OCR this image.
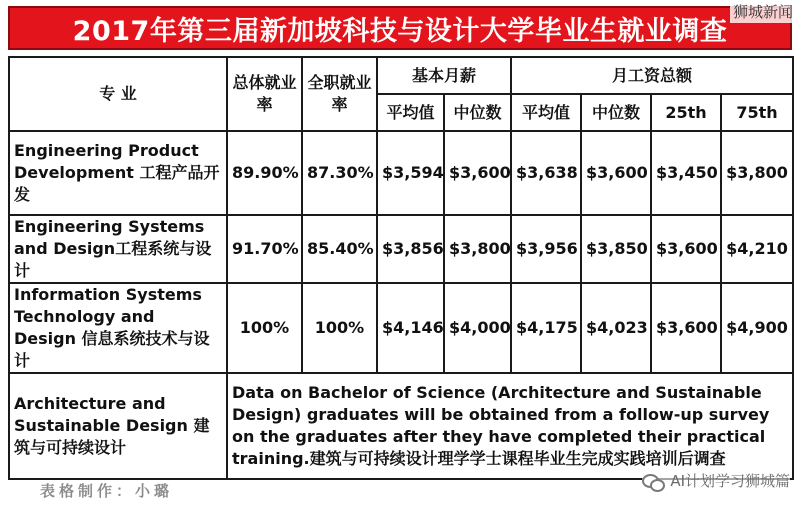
2017年第三届新加坡科技与设计大学毕业生就业调查
狮城新闻
专 业	总体就业率	全职就业率	基本月薪		月工资总额			
			平均值	中位数	平均值	中位数	25th	75th
Engineering Product Development 工程产品开发	89.90%	87.30%	$3,594	$3,600	$3,638	$3,600	$3,450	$3,800
Engineering Systems and Design工程系统与设计	91.70%	85.40%	$3,856	$3,800	$3,956	$3,850	$3,600	$4,210
Information Systems Technology and Design 信息系统技术与设计	100%	100%	$4,146	$4,000	$4,175	$4,023	$3,600	$4,900
Architecture and Sustainable Design 建筑与可持续设计	Data on Bachelor of Science (Architecture and Sustainable Design) graduates will be obtained from a follow-up survey on the graduates after they have completed their practical training.建筑与可持续设计理学学士课程毕业生完成实践培训后调查							
表格制作：小璐
AI计划学习狮城篇
